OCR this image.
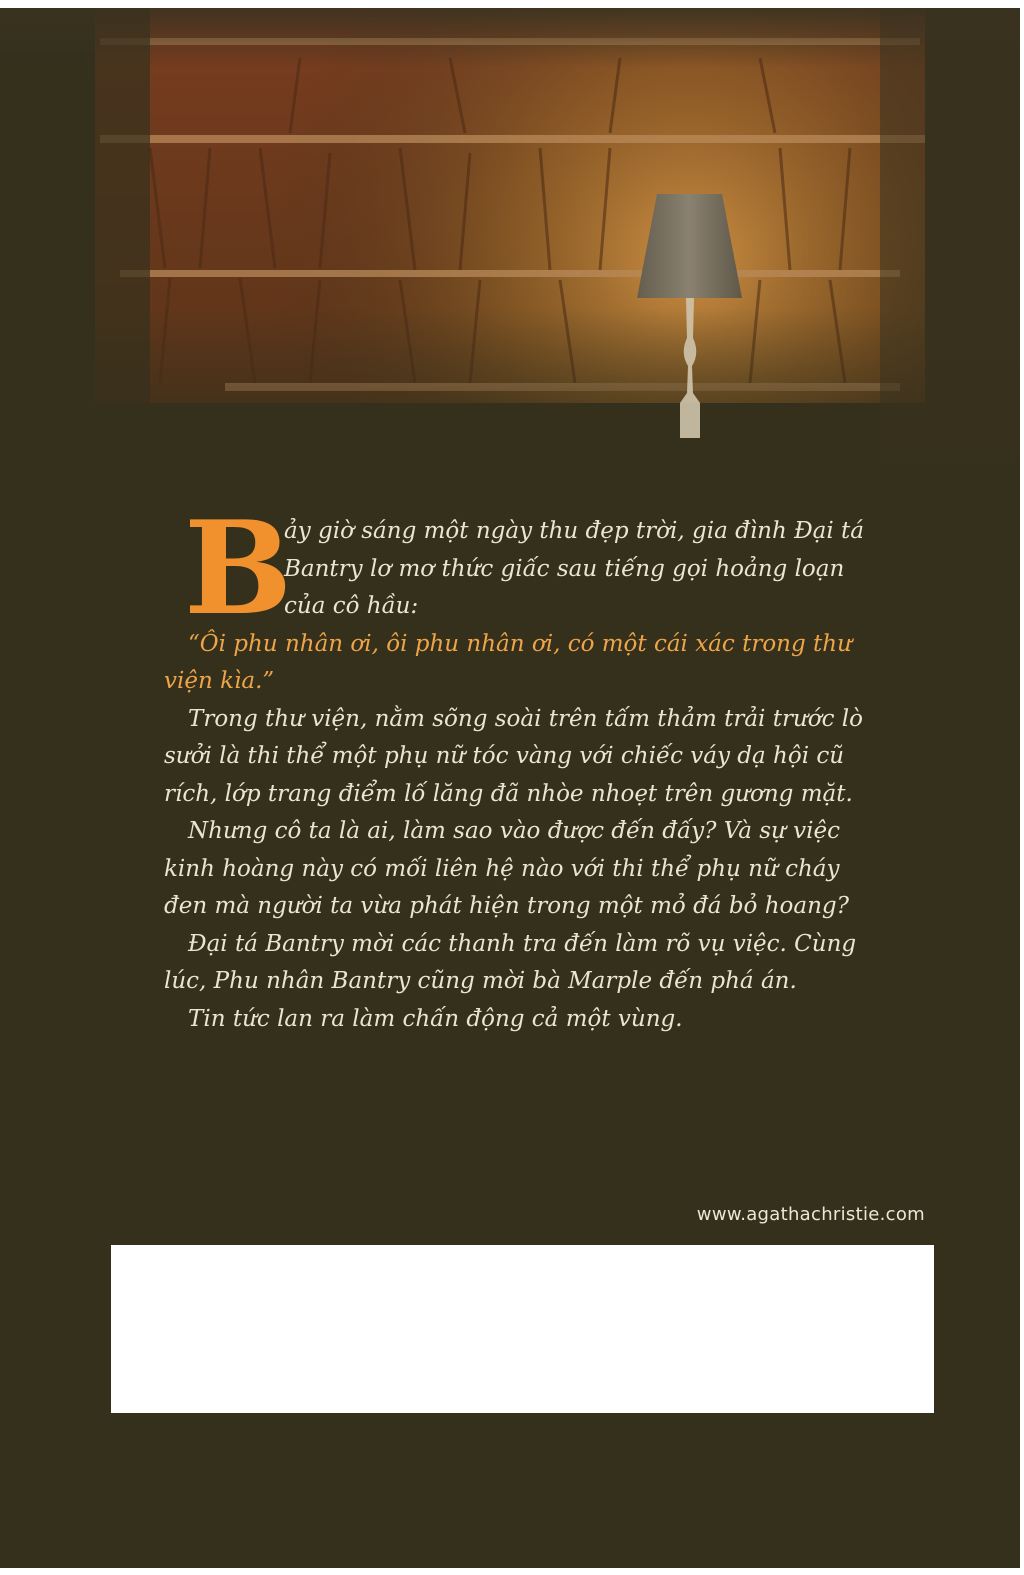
B

ảy giờ sáng một ngày thu đẹp trời, gia đình Đại tá Bantry lơ mơ thức giấc sau tiếng gọi hoảng loạn của cô hầu:

“Ôi phu nhân ơi, ôi phu nhân ơi, có một cái xác trong thư viện kìa.”

Trong thư viện, nằm sõng soài trên tấm thảm trải trước lò sưởi là thi thể một phụ nữ tóc vàng với chiếc váy dạ hội cũ rích, lớp trang điểm lố lăng đã nhòe nhoẹt trên gương mặt.

Nhưng cô ta là ai, làm sao vào được đến đấy? Và sự việc kinh hoàng này có mối liên hệ nào với thi thể phụ nữ cháy đen mà người ta vừa phát hiện trong một mỏ đá bỏ hoang?

Đại tá Bantry mời các thanh tra đến làm rõ vụ việc. Cùng lúc, Phu nhân Bantry cũng mời bà Marple đến phá án.

Tin tức lan ra làm chấn động cả một vùng.

www.agathachristie.com
